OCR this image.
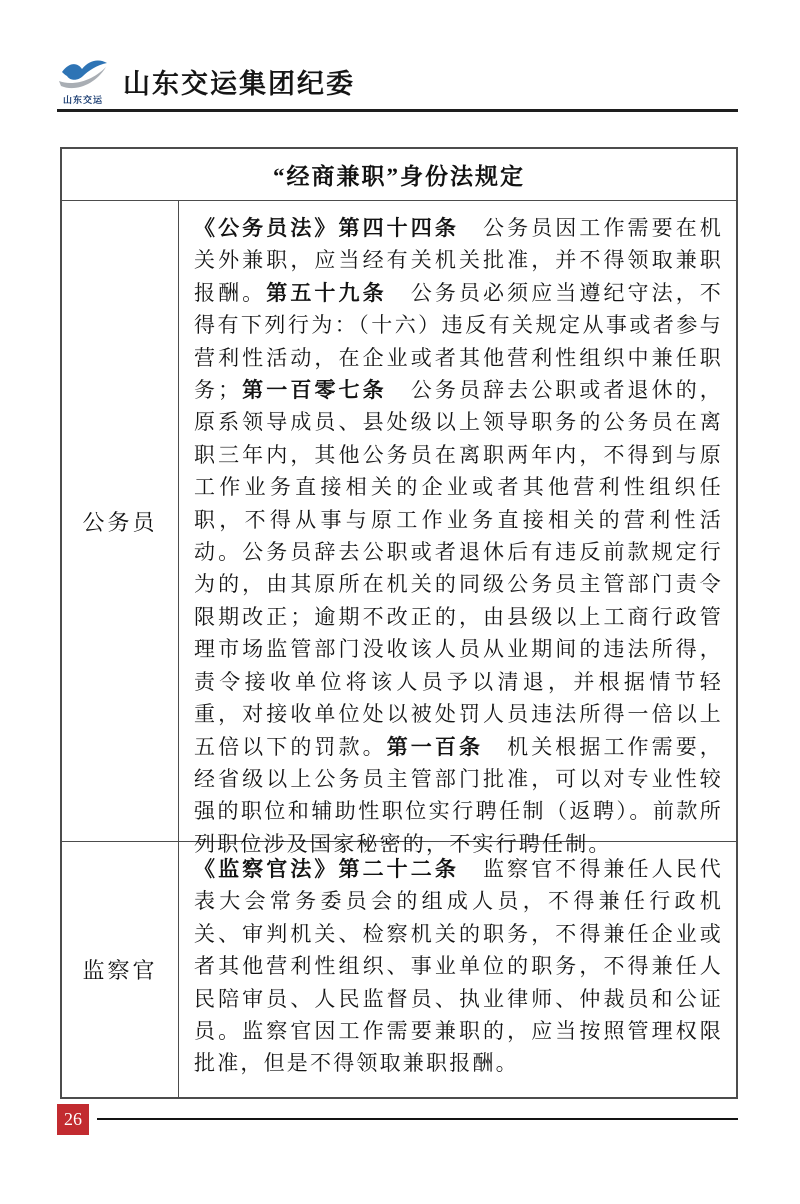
山东交运
山东交运集团纪委
“经商兼职”身份法规定
公务员
《公务员法》第四十四条　公务员因工作需要在机关外兼职，应当经有关机关批准，并不得领取兼职报酬。第五十九条　公务员必须应当遵纪守法，不得有下列行为：（十六）违反有关规定从事或者参与营利性活动，在企业或者其他营利性组织中兼任职务；第一百零七条　公务员辞去公职或者退休的，原系领导成员、县处级以上领导职务的公务员在离职三年内，其他公务员在离职两年内，不得到与原工作业务直接相关的企业或者其他营利性组织任职，不得从事与原工作业务直接相关的营利性活动。公务员辞去公职或者退休后有违反前款规定行为的，由其原所在机关的同级公务员主管部门责令限期改正；逾期不改正的，由县级以上工商行政管理市场监管部门没收该人员从业期间的违法所得，责令接收单位将该人员予以清退，并根据情节轻重，对接收单位处以被处罚人员违法所得一倍以上五倍以下的罚款。第一百条　机关根据工作需要，经省级以上公务员主管部门批准，可以对专业性较强的职位和辅助性职位实行聘任制（返聘）。前款所列职位涉及国家秘密的，不实行聘任制。
监察官
《监察官法》第二十二条　监察官不得兼任人民代表大会常务委员会的组成人员，不得兼任行政机关、审判机关、检察机关的职务，不得兼任企业或者其他营利性组织、事业单位的职务，不得兼任人民陪审员、人民监督员、执业律师、仲裁员和公证员。监察官因工作需要兼职的，应当按照管理权限批准，但是不得领取兼职报酬。
26
